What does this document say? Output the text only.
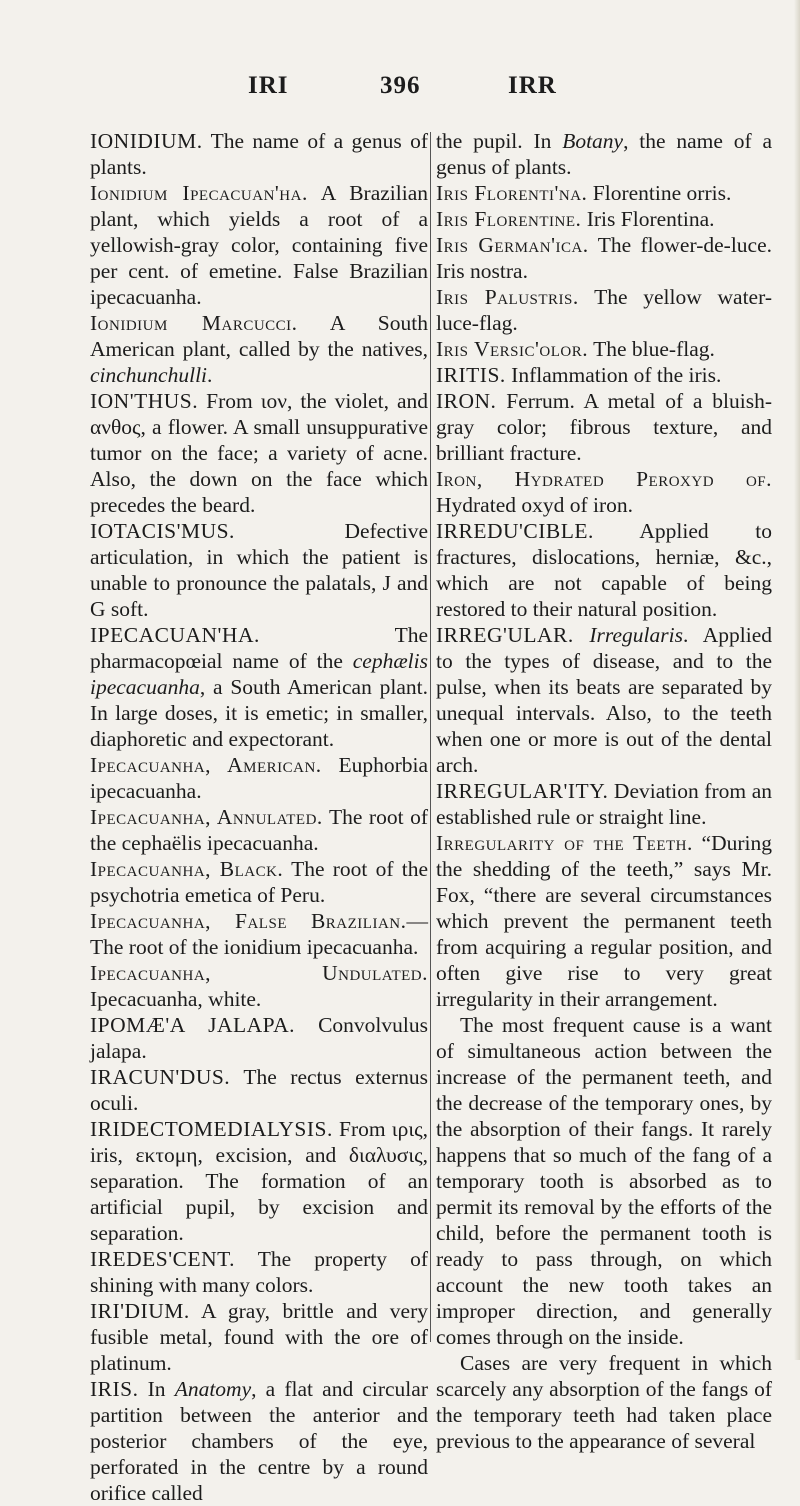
IRI	396	IRR

IONIDIUM. The name of a genus of plants.

Ionidium Ipecacuan'ha. A Brazilian plant, which yields a root of a yellowish-gray color, containing five per cent. of emetine. False Brazilian ipecacuanha.

Ionidium Marcucci. A South American plant, called by the natives, cinchunchulli.

ION'THUS. From ιον, the violet, and ανθος, a flower. A small unsuppurative tumor on the face; a variety of acne. Also, the down on the face which precedes the beard.

IOTACIS'MUS. Defective articulation, in which the patient is unable to pronounce the palatals, J and G soft.

IPECACUAN'HA. The pharmacopœial name of the cephælis ipecacuanha, a South American plant. In large doses, it is emetic; in smaller, diaphoretic and expectorant.

Ipecacuanha, American. Euphorbia ipecacuanha.

Ipecacuanha, Annulated. The root of the cephaëlis ipecacuanha.

Ipecacuanha, Black. The root of the psychotria emetica of Peru.

Ipecacuanha, False Brazilian.— The root of the ionidium ipecacuanha.

Ipecacuanha, Undulated. Ipecacuanha, white.

IPOMÆ'A JALAPA. Convolvulus jalapa.

IRACUN'DUS. The rectus externus oculi.

IRIDECTOMEDIALYSIS. From ιρις, iris, εκτομη, excision, and διαλυσις, separation. The formation of an artificial pupil, by excision and separation.

IREDES'CENT. The property of shining with many colors.

IRI'DIUM. A gray, brittle and very fusible metal, found with the ore of platinum.

IRIS. In Anatomy, a flat and circular partition between the anterior and posterior chambers of the eye, perforated in the centre by a round orifice called

the pupil. In Botany, the name of a genus of plants.

Iris Florenti'na. Florentine orris.

Iris Florentine. Iris Florentina.

Iris German'ica. The flower-de-luce. Iris nostra.

Iris Palustris. The yellow water-luce-flag.

Iris Versic'olor. The blue-flag.

IRITIS. Inflammation of the iris.

IRON. Ferrum. A metal of a bluish-gray color; fibrous texture, and brilliant fracture.

Iron, Hydrated Peroxyd of. Hydrated oxyd of iron.

IRREDU'CIBLE. Applied to fractures, dislocations, herniæ, &c., which are not capable of being restored to their natural position.

IRREG'ULAR. Irregularis. Applied to the types of disease, and to the pulse, when its beats are separated by unequal intervals. Also, to the teeth when one or more is out of the dental arch.

IRREGULAR'ITY. Deviation from an established rule or straight line.

Irregularity of the Teeth. “During the shedding of the teeth,” says Mr. Fox, “there are several circumstances which prevent the permanent teeth from acquiring a regular position, and often give rise to very great irregularity in their arrangement.

The most frequent cause is a want of simultaneous action between the increase of the permanent teeth, and the decrease of the temporary ones, by the absorption of their fangs. It rarely happens that so much of the fang of a temporary tooth is absorbed as to permit its removal by the efforts of the child, before the permanent tooth is ready to pass through, on which account the new tooth takes an improper direction, and generally comes through on the inside.

Cases are very frequent in which scarcely any absorption of the fangs of the temporary teeth had taken place previous to the appearance of several
